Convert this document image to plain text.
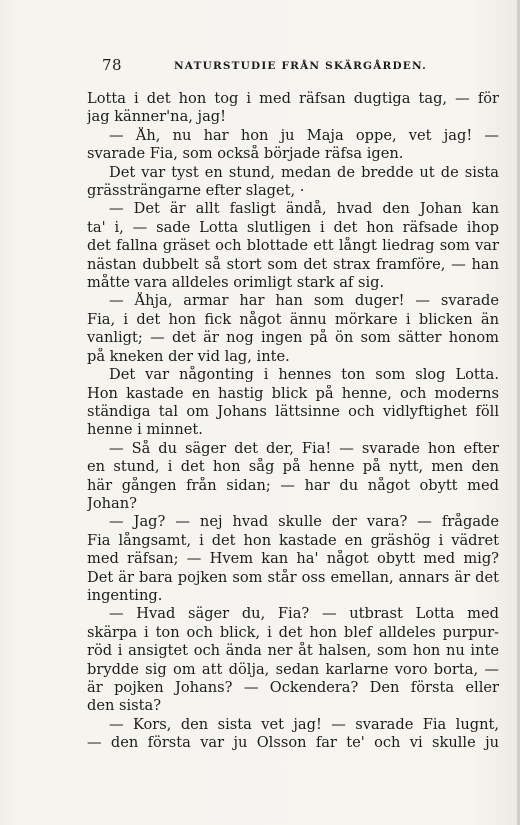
78	NATURSTUDIE FRÅN SKÄRGÅRDEN.

Lotta i det hon tog i med räfsan dugtiga tag, — för
jag känner'na, jag!

— Åh, nu har hon ju Maja oppe, vet jag! —
svarade Fia, som också började räfsa igen.

Det var tyst en stund, medan de bredde ut de sista
grässträngarne efter slaget, ·

— Det är allt fasligt ändå, hvad den Johan kan
ta' i, — sade Lotta slutligen i det hon räfsade ihop
det fallna gräset och blottade ett långt liedrag som var
nästan dubbelt så stort som det strax framföre, — han
måtte vara alldeles orimligt stark af sig.

— Åhja, armar har han som duger! — svarade
Fia, i det hon fick något ännu mörkare i blicken än
vanligt; — det är nog ingen på ön som sätter honom
på kneken der vid lag, inte.

Det var någonting i hennes ton som slog Lotta.
Hon kastade en hastig blick på henne, och moderns
ständiga tal om Johans lättsinne och vidlyftighet föll
henne i minnet.

— Så du säger det der, Fia! — svarade hon efter
en stund, i det hon såg på henne på nytt, men den
här gången från sidan; — har du något obytt med
Johan?

— Jag? — nej hvad skulle der vara? — frågade
Fia långsamt, i det hon kastade en gräshög i vädret
med räfsan; — Hvem kan ha' något obytt med mig?
Det är bara pojken som står oss emellan, annars är det
ingenting.

— Hvad säger du, Fia? — utbrast Lotta med
skärpa i ton och blick, i det hon blef alldeles purpur-
röd i ansigtet och ända ner åt halsen, som hon nu inte
brydde sig om att dölja, sedan karlarne voro borta, —
är pojken Johans? — Ockendera? Den första eller
den sista?

— Kors, den sista vet jag! — svarade Fia lugnt,
— den första var ju Olsson far te' och vi skulle ju
